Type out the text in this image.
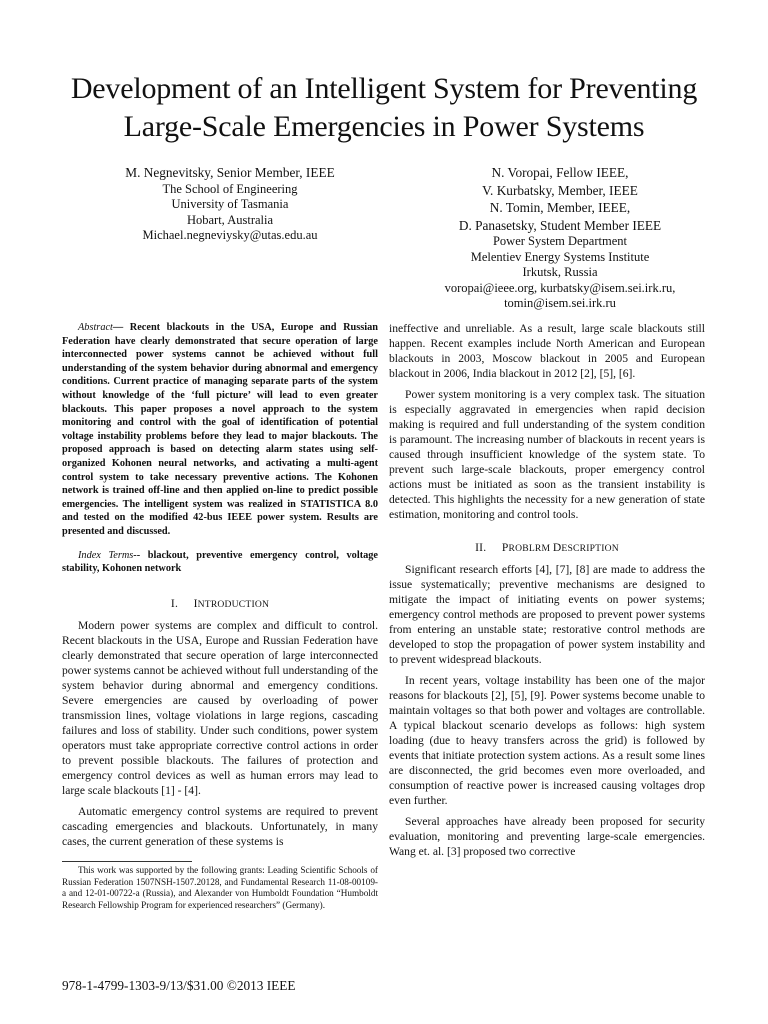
Development of an Intelligent System for Preventing Large-Scale Emergencies in Power Systems
M. Negnevitsky, Senior Member, IEEE
The School of Engineering
University of Tasmania
Hobart, Australia
Michael.negneviysky@utas.edu.au
N. Voropai, Fellow IEEE,
V. Kurbatsky, Member, IEEE
N. Tomin, Member, IEEE,
D. Panasetsky, Student Member IEEE
Power System Department
Melentiev Energy Systems Institute
Irkutsk, Russia
voropai@ieee.org, kurbatsky@isem.sei.irk.ru,
tomin@isem.sei.irk.ru

Abstract— Recent blackouts in the USA, Europe and Russian Federation have clearly demonstrated that secure operation of large interconnected power systems cannot be achieved without full understanding of the system behavior during abnormal and emergency conditions. Current practice of managing separate parts of the system without knowledge of the ‘full picture’ will lead to even greater blackouts. This paper proposes a novel approach to the system monitoring and control with the goal of identification of potential voltage instability problems before they lead to major blackouts. The proposed approach is based on detecting alarm states using self-organized Kohonen neural networks, and activating a multi-agent control system to take necessary preventive actions. The Kohonen network is trained off-line and then applied on-line to predict possible emergencies. The intelligent system was realized in STATISTICA 8.0 and tested on the modified 42-bus IEEE power system. Results are presented and discussed.

Index Terms-- blackout, preventive emergency control, voltage stability, Kohonen network

I. INTRODUCTION

Modern power systems are complex and difficult to control. Recent blackouts in the USA, Europe and Russian Federation have clearly demonstrated that secure operation of large interconnected power systems cannot be achieved without full understanding of the system behavior during abnormal and emergency conditions. Severe emergencies are caused by overloading of power transmission lines, voltage violations in large regions, cascading failures and loss of stability. Under such conditions, power system operators must take appropriate corrective control actions in order to prevent possible blackouts. The failures of protection and emergency control devices as well as human errors may lead to large scale blackouts [1] - [4].

Automatic emergency control systems are required to prevent cascading emergencies and blackouts. Unfortunately, in many cases, the current generation of these systems is

This work was supported by the following grants: Leading Scientific Schools of Russian Federation 1507NSH-1507.20128, and Fundamental Research 11-08-00109-a and 12-01-00722-a (Russia), and Alexander von Humboldt Foundation “Humboldt Research Fellowship Program for experienced researchers” (Germany).

ineffective and unreliable. As a result, large scale blackouts still happen. Recent examples include North American and European blackouts in 2003, Moscow blackout in 2005 and European blackout in 2006, India blackout in 2012 [2], [5], [6].

Power system monitoring is a very complex task. The situation is especially aggravated in emergencies when rapid decision making is required and full understanding of the system condition is paramount. The increasing number of blackouts in recent years is caused through insufficient knowledge of the system state. To prevent such large-scale blackouts, proper emergency control actions must be initiated as soon as the transient instability is detected. This highlights the necessity for a new generation of state estimation, monitoring and control tools.

II. PROBLRM DESCRIPTION

Significant research efforts [4], [7], [8] are made to address the issue systematically; preventive mechanisms are designed to mitigate the impact of initiating events on power systems; emergency control methods are proposed to prevent power systems from entering an unstable state; restorative control methods are developed to stop the propagation of power system instability and to prevent widespread blackouts.

In recent years, voltage instability has been one of the major reasons for blackouts [2], [5], [9]. Power systems become unable to maintain voltages so that both power and voltages are controllable. A typical blackout scenario develops as follows: high system loading (due to heavy transfers across the grid) is followed by events that initiate protection system actions. As a result some lines are disconnected, the grid becomes even more overloaded, and consumption of reactive power is increased causing voltages drop even further.

Several approaches have already been proposed for security evaluation, monitoring and preventing large-scale emergencies. Wang et. al. [3] proposed two corrective

978-1-4799-1303-9/13/$31.00 ©2013 IEEE
